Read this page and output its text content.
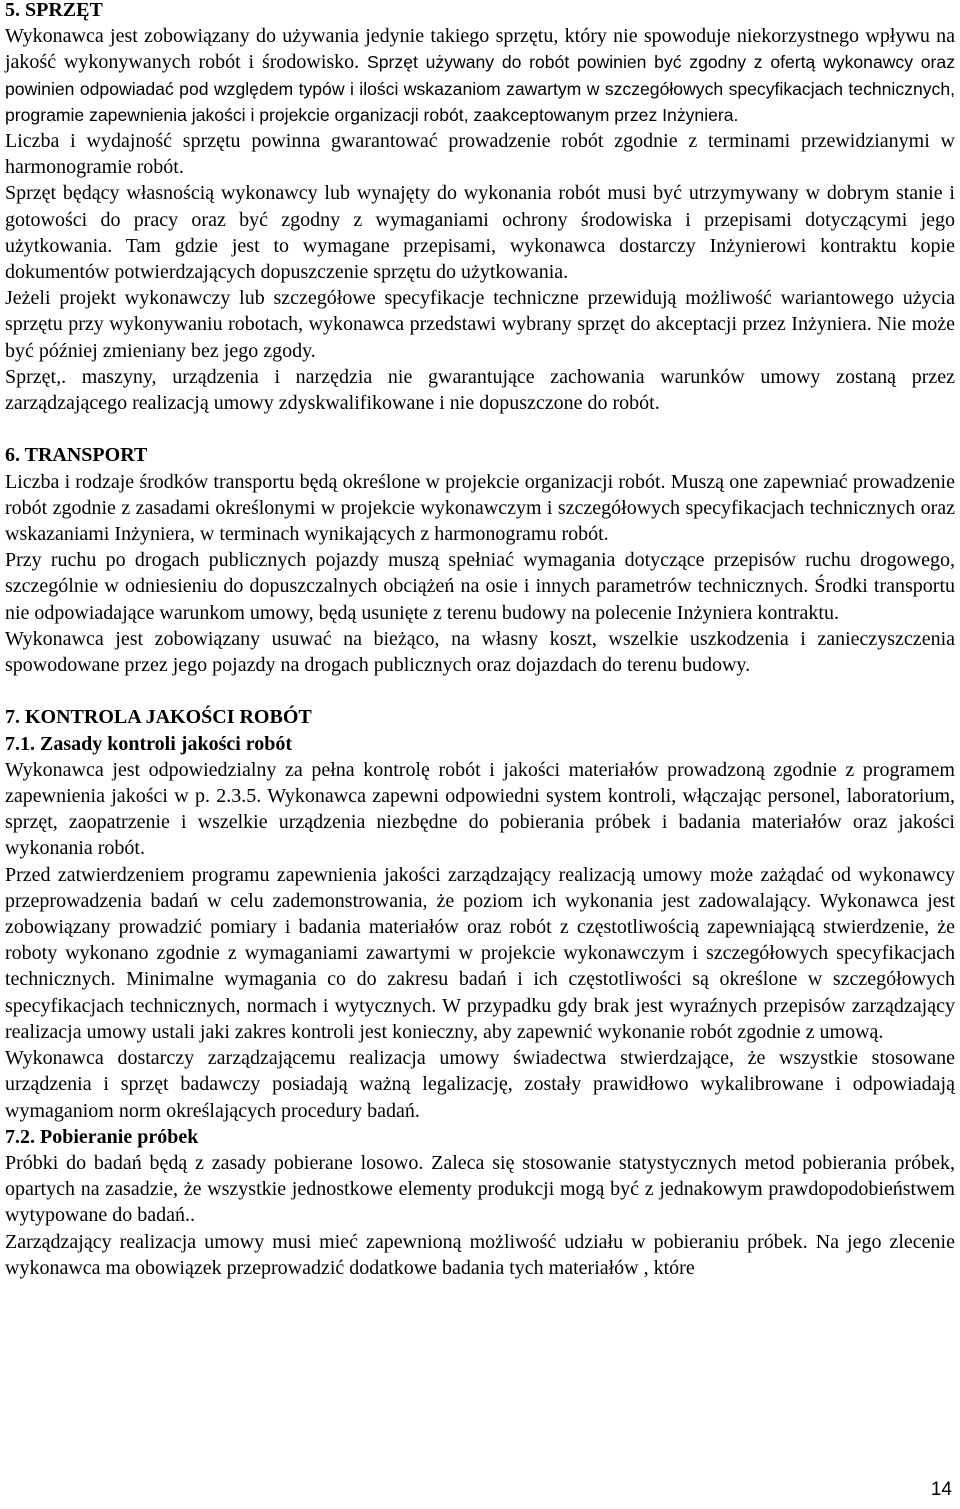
5. SPRZĘT

Wykonawca jest zobowiązany do używania jedynie takiego sprzętu, który nie spowoduje niekorzystnego wpływu na jakość wykonywanych robót i środowisko. Sprzęt używany do robót powinien być zgodny z ofertą wykonawcy oraz powinien odpowiadać pod względem typów i ilości wskazaniom zawartym w szczegółowych specyfikacjach technicznych, programie zapewnienia jakości i projekcie organizacji robót, zaakceptowanym przez Inżyniera.

Liczba i wydajność sprzętu powinna gwarantować prowadzenie robót zgodnie z terminami przewidzianymi w harmonogramie robót.

Sprzęt będący własnością wykonawcy lub wynajęty do wykonania robót musi być utrzymywany w dobrym stanie i gotowości do pracy oraz być zgodny z wymaganiami ochrony środowiska i przepisami dotyczącymi jego użytkowania. Tam gdzie jest to wymagane przepisami, wykonawca dostarczy Inżynierowi kontraktu kopie dokumentów potwierdzających dopuszczenie sprzętu do użytkowania.

Jeżeli projekt wykonawczy lub szczegółowe specyfikacje techniczne przewidują możliwość wariantowego użycia sprzętu przy wykonywaniu robotach, wykonawca przedstawi wybrany sprzęt do akceptacji przez Inżyniera. Nie może być później zmieniany bez jego zgody.

Sprzęt,. maszyny, urządzenia i narzędzia nie gwarantujące zachowania warunków umowy zostaną przez zarządzającego realizacją umowy zdyskwalifikowane i nie dopuszczone do robót.

6. TRANSPORT

Liczba i rodzaje środków transportu będą określone w projekcie organizacji robót. Muszą one zapewniać prowadzenie robót zgodnie z zasadami określonymi w projekcie wykonawczym i szczegółowych specyfikacjach technicznych oraz wskazaniami Inżyniera, w terminach wynikających z harmonogramu robót.

Przy ruchu po drogach publicznych pojazdy muszą spełniać wymagania dotyczące przepisów ruchu drogowego, szczególnie w odniesieniu do dopuszczalnych obciążeń na osie i innych parametrów technicznych. Środki transportu nie odpowiadające warunkom umowy, będą usunięte z terenu budowy na polecenie Inżyniera kontraktu.

Wykonawca jest zobowiązany usuwać na bieżąco, na własny koszt, wszelkie uszkodzenia i zanieczyszczenia spowodowane przez jego pojazdy na drogach publicznych oraz dojazdach do terenu budowy.

7. KONTROLA JAKOŚCI ROBÓT

7.1. Zasady kontroli jakości robót

Wykonawca jest odpowiedzialny za pełna kontrolę robót i jakości materiałów prowadzoną zgodnie z programem zapewnienia jakości w p. 2.3.5. Wykonawca zapewni odpowiedni system kontroli, włączając personel, laboratorium, sprzęt, zaopatrzenie i wszelkie urządzenia niezbędne do pobierania próbek i badania materiałów oraz jakości wykonania robót.

Przed zatwierdzeniem programu zapewnienia jakości zarządzający realizacją umowy może zażądać od wykonawcy przeprowadzenia badań w celu zademonstrowania, że poziom ich wykonania jest zadowalający. Wykonawca jest zobowiązany prowadzić pomiary i badania materiałów oraz robót z częstotliwością zapewniającą stwierdzenie, że roboty wykonano zgodnie z wymaganiami zawartymi w projekcie wykonawczym i szczegółowych specyfikacjach technicznych. Minimalne wymagania co do zakresu badań i ich częstotliwości są określone w szczegółowych specyfikacjach technicznych, normach i wytycznych. W przypadku gdy brak jest wyraźnych przepisów zarządzający realizacja umowy ustali jaki zakres kontroli jest konieczny, aby zapewnić wykonanie robót zgodnie z umową.

Wykonawca dostarczy zarządzającemu realizacja umowy świadectwa stwierdzające, że wszystkie stosowane urządzenia i sprzęt badawczy posiadają ważną legalizację, zostały prawidłowo wykalibrowane i odpowiadają wymaganiom norm określających procedury badań.

7.2. Pobieranie próbek

Próbki do badań będą z zasady pobierane losowo. Zaleca się stosowanie statystycznych metod pobierania próbek, opartych na zasadzie, że wszystkie jednostkowe elementy produkcji mogą być z jednakowym prawdopodobieństwem wytypowane do badań..

Zarządzający realizacja umowy musi mieć zapewnioną możliwość udziału w pobieraniu próbek. Na jego zlecenie wykonawca ma obowiązek przeprowadzić dodatkowe badania tych materiałów , które

14
